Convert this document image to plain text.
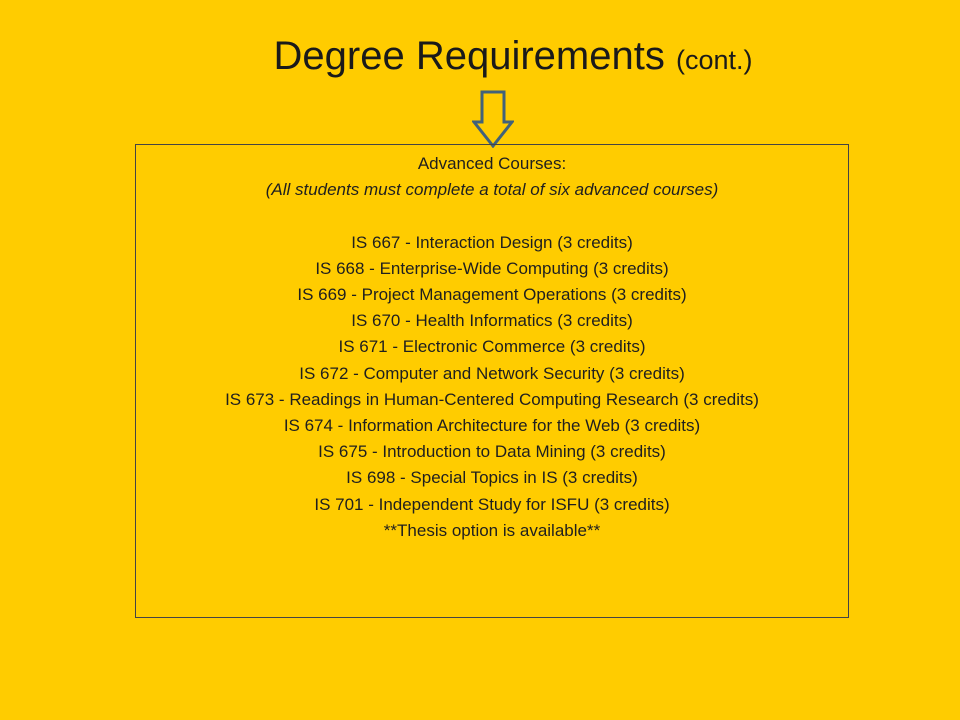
Degree Requirements (cont.)
Advanced Courses:
(All students must complete a total of six advanced courses)
IS 667 - Interaction Design (3 credits)
IS 668 - Enterprise-Wide Computing (3 credits)
IS 669 - Project Management Operations (3 credits)
IS 670 - Health Informatics (3 credits)
IS 671 - Electronic Commerce (3 credits)
IS 672 - Computer and Network Security (3 credits)
IS 673 - Readings in Human-Centered Computing Research (3 credits)
IS 674 - Information Architecture for the Web (3 credits)
IS 675 - Introduction to Data Mining (3 credits)
IS 698 - Special Topics in IS (3 credits)
IS 701 - Independent Study for ISFU (3 credits)
**Thesis option is available**
